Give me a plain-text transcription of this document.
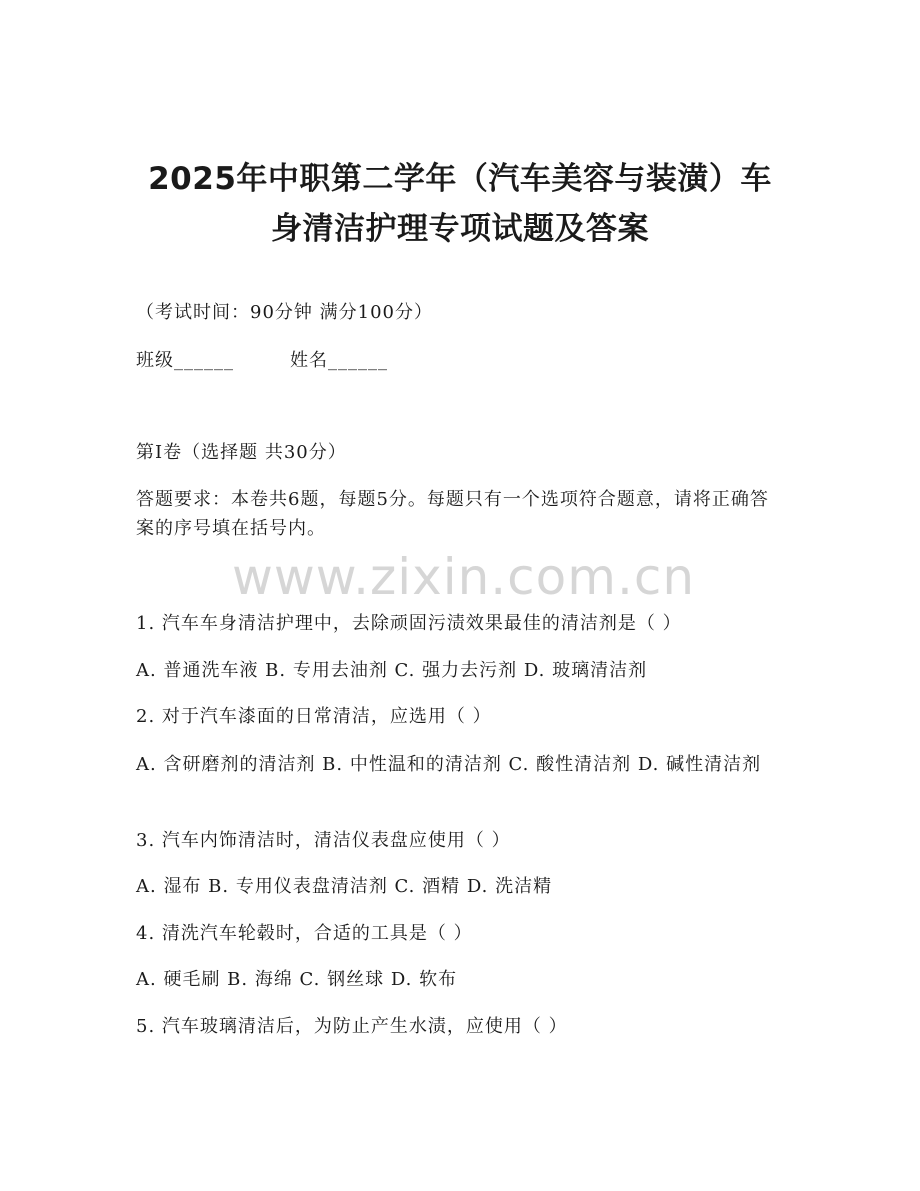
2025年中职第二学年（汽车美容与装潢）车
身清洁护理专项试题及答案
（考试时间：90分钟 满分100分）
班级______	姓名______
第Ⅰ卷（选择题 共30分）
答题要求：本卷共6题，每题5分。每题只有一个选项符合题意，请将正确答案的序号填在括号内。
www.zixin.com.cn
1. 汽车车身清洁护理中，去除顽固污渍效果最佳的清洁剂是（ ）
A. 普通洗车液 B. 专用去油剂 C. 强力去污剂 D. 玻璃清洁剂
2. 对于汽车漆面的日常清洁，应选用（ ）
A. 含研磨剂的清洁剂 B. 中性温和的清洁剂 C. 酸性清洁剂 D. 碱性清洁剂
3. 汽车内饰清洁时，清洁仪表盘应使用（ ）
A. 湿布 B. 专用仪表盘清洁剂 C. 酒精 D. 洗洁精
4. 清洗汽车轮毂时，合适的工具是（ ）
A. 硬毛刷 B. 海绵 C. 钢丝球 D. 软布
5. 汽车玻璃清洁后，为防止产生水渍，应使用（ ）
